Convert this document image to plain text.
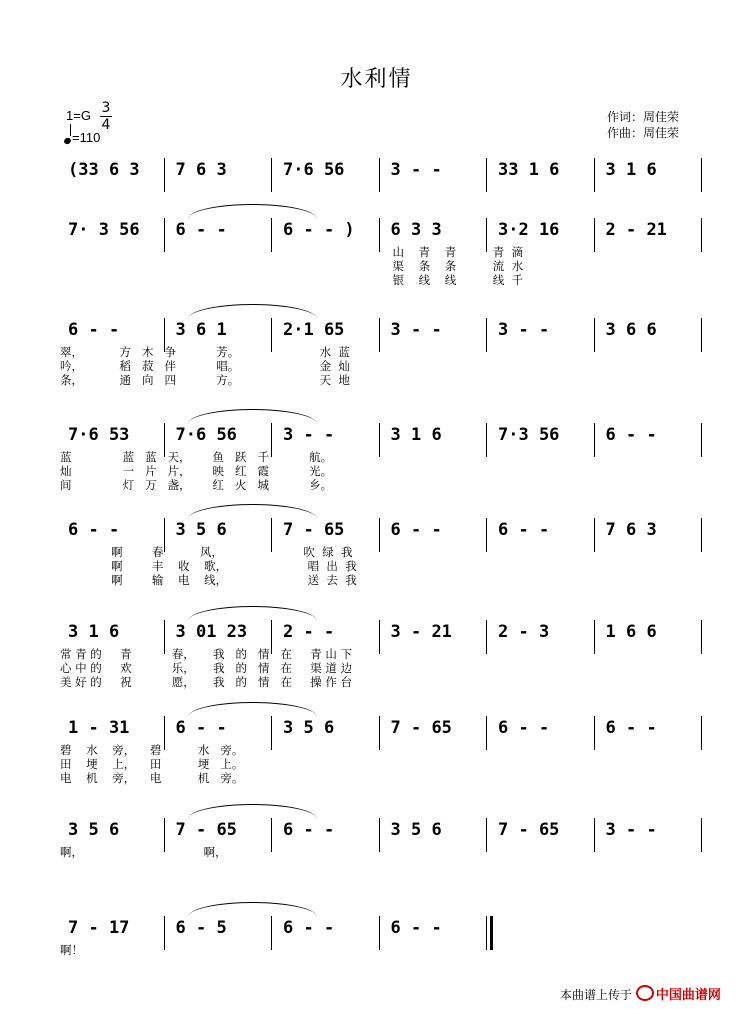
水利情
1=G 3
4
=110
作词：周佳荣
作曲：周佳荣
(33 6 3 7 6 3	7·6 56	3 - -	33 1 6	3 1 6
7· 3 56 6 - -	6 - - ) 6 3 3	3·2 16	2 - 21
山    青    青          青  滴
渠    条    条          流  水
银    线    线          线  千
6 - -	3 6 1	2·1 65	3 - -	3 - -	3 6 6
翠，          方   木   争           芳。                      水  蓝
吟，          稻   菽   伴           唱。                      金  灿
条，          通   向   四           方。                      天  地
7·6 53	7·6 56	3 - -	3 1 6	7·3 56	6 - -
蓝              蓝   蓝   天，      鱼   跃   千           航。
灿              一   片   片，      映   红   霞           光。
间              灯   万   盏，      红   火   城           乡。
6 - -	3 5 6	7 - 65	6 - -	6 - -	7 6 3
啊        春          风，                      吹  绿  我
啊        丰    收    歌，                      唱  出  我
啊        输    电    线，                      送  去  我
3 1 6	3 01 23 2 - -	3 - 21	2 - 3	1 6 6
常 青 的     青           春，     我   的   情   在     青 山 下
心 中 的     欢           乐，     我   的   情   在     渠 道 边
美 好 的     祝           愿，     我   的   情   在     操 作 台
1 - 31	6 - -	3 5 6	7 - 65	6 - -	6 - -
碧    水    旁，    碧          水   旁。
田    埂    上，    田          埂   上。
电    机    旁，    电          机   旁。
3 5 6	7 - 65	6 - -	3 5 6	7 - 65	3 - -
啊，                                 啊，
7 - 17	6 - 5	6 - -	6 - -
啊！
本曲谱上传于 中国曲谱网
